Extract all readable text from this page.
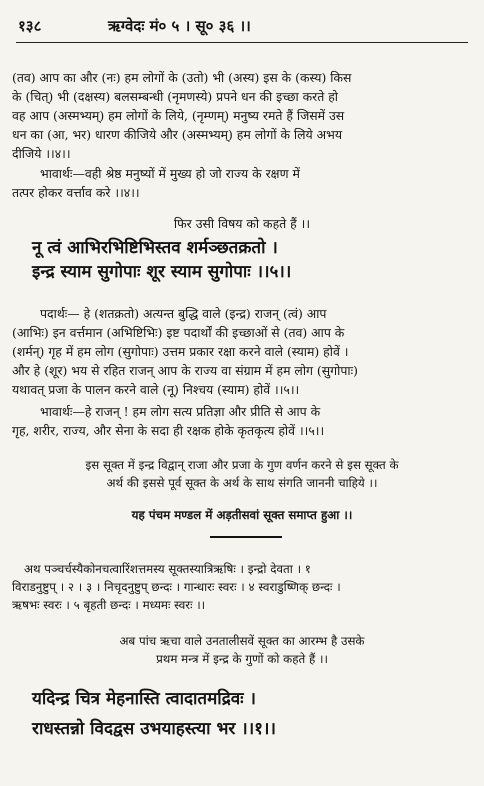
१३८	ऋग्वेदः मं० ५ । सू० ३६ ।।
(तव) आप का और (नः) हम लोगों के (उतो) भी (अस्य) इस के (कस्य) किस
के (चित्) भी (दक्षस्य) बलसम्बन्धी (नृमणस्ये) प्रपने धन की इच्छा करते हो
वह आप (अस्मभ्यम्) हम लोगों के लिये, (नृम्णम्) मनुष्य रमते हैं जिसमें उस
धन का (आ, भर) धारण कीजिये और (अस्मभ्यम्) हम लोगों के लिये अभय
दीजिये ।।४।।
भावार्थः—वही श्रेष्ठ मनुष्यों में मुख्य हो जो राज्य के रक्षण में
तत्पर होकर वर्त्ताव करे ।।४।।
फिर उसी विषय को कहते हैं ।।
नू त्वं आभिरभिष्टिभिस्तव शर्मञ्छतक्रतो ।
इन्द्र स्याम सुगोपाः शूर स्याम सुगोपाः ।।५।।
पदार्थः— हे (शतक्रतो) अत्यन्त बुद्धि वाले (इन्द्र) राजन् (त्वं) आप
(आभिः) इन वर्त्तमान (अभिष्टिभिः) इष्ट पदार्थों की इच्छाओं से (तव) आप के
(शर्मन्) गृह में हम लोग (सुगोपाः) उत्तम प्रकार रक्षा करने वाले (स्याम) होवें ।
और हे (शूर) भय से रहित राजन् आप के राज्य वा संग्राम में हम लोग (सुगोपाः)
यथावत् प्रजा के पालन करने वाले (नू) निश्चय (स्याम) होवें ।।५।।
भावार्थः—हे राजन् ! हम लोग सत्य प्रतिज्ञा और प्रीति से आप के
गृह, शरीर, राज्य, और सेना के सदा ही रक्षक होके कृतकृत्य होवें ।।५।।
इस सूक्त में इन्द्र विद्वान् राजा और प्रजा के गुण वर्णन करने से इस सूक्त के
अर्थ की इससे पूर्व सूक्त के अर्थ के साथ संगति जाननी चाहिये ।।
यह पंचम मण्डल में अड़तीसवां सूक्त समाप्त हुआ ।।
अथ पञ्चर्चस्यैकोनचत्वारिंशत्तमस्य सूक्तस्यात्रिऋषिः । इन्द्रो देवता । १
विराडनुष्टुप् । २ । ३ । निचृदनुष्टुप् छन्दः । गान्धारः स्वरः । ४ स्वराडुष्णिक् छन्दः ।
ऋषभः स्वरः । ५ बृहती छन्दः । मध्यमः स्वरः ।।
अब पांच ऋचा वाले उनतालीसवें सूक्त का आरम्भ है उसके
प्रथम मन्त्र में इन्द्र के गुणों को कहते हैं ।।
यदिन्द्र चित्र मेहनास्ति त्वादातमद्रिवः ।
राधस्तन्नो विदद्वस उभयाहस्त्या भर ।।१।।
